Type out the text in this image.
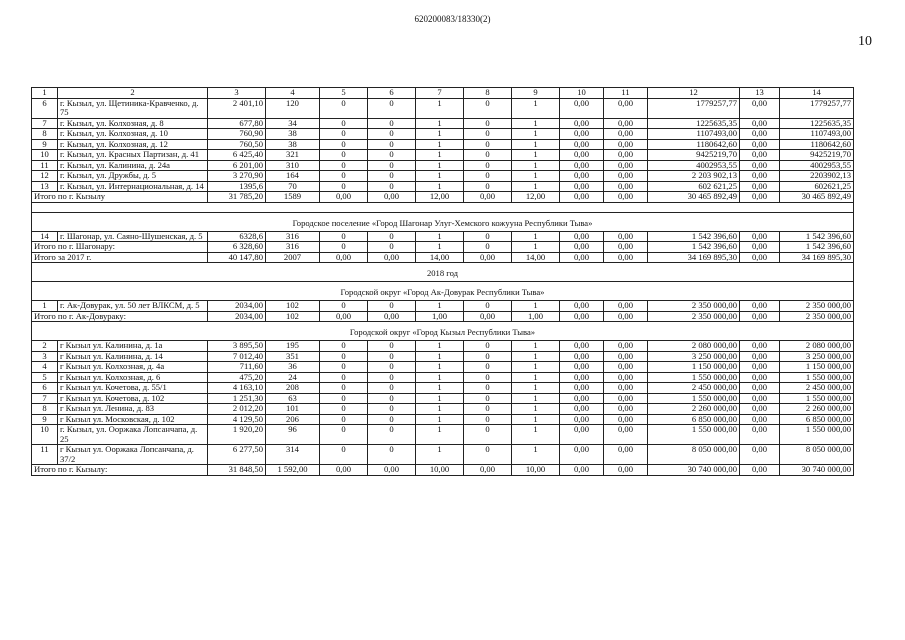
620200083/18330(2)
10
1	2	3	4	5	6	7	8	9	10	11	12	13	14
6	г. Кызыл, ул. Щетиника-Кравченко, д. 75	2 401,10	120	0	0	1	0	1	0,00	0,00	1779257,77	0,00	1779257,77
7	г. Кызыл, ул. Колхозная, д. 8	677,80	34	0	0	1	0	1	0,00	0,00	1225635,35	0,00	1225635,35
8	г. Кызыл, ул. Колхозная, д. 10	760,90	38	0	0	1	0	1	0,00	0,00	1107493,00	0,00	1107493,00
9	г. Кызыл, ул. Колхозная, д. 12	760,50	38	0	0	1	0	1	0,00	0,00	1180642,60	0,00	1180642,60
10	г. Кызыл, ул. Красных Партизан, д. 41	6 425,40	321	0	0	1	0	1	0,00	0,00	9425219,70	0,00	9425219,70
11	г. Кызыл, ул. Калинина, д. 24а	6 201,00	310	0	0	1	0	1	0,00	0,00	4002953,55	0,00	4002953,55
12	г. Кызыл, ул. Дружбы, д. 5	3 270,90	164	0	0	1	0	1	0,00	0,00	2 203 902,13	0,00	2203902,13
13	г. Кызыл, ул. Интернациональная, д. 14	1395,6	70	0	0	1	0	1	0,00	0,00	602 621,25	0,00	602621,25
Итого по г. Кызылу		31 785,20	1589	0,00	0,00	12,00	0,00	12,00	0,00	0,00	30 465 892,49	0,00	30 465 892,49

Городское поселение «Город Шагонар Улуг-Хемского кожууна Республики Тыва»													
14	г. Шагонар, ул. Саяно-Шушенская, д. 5	6328,6	316	0	0	1	0	1	0,00	0,00	1 542 396,60	0,00	1 542 396,60
Итого по г. Шагонару:		6 328,60	316	0	0	1	0	1	0,00	0,00	1 542 396,60	0,00	1 542 396,60
Итого за 2017 г.		40 147,80	2007	0,00	0,00	14,00	0,00	14,00	0,00	0,00	34 169 895,30	0,00	34 169 895,30
2018 год													
Городской округ «Город Ак-Довурак Республики Тыва»													
1	г. Ак-Довурак, ул. 50 лет ВЛКСМ, д. 5	2034,00	102	0	0	1	0	1	0,00	0,00	2 350 000,00	0,00	2 350 000,00
Итого по г. Ак-Довураку:		2034,00	102	0,00	0,00	1,00	0,00	1,00	0,00	0,00	2 350 000,00	0,00	2 350 000,00
Городской округ «Город Кызыл Республики Тыва»													
2	г Кызыл ул. Калинина, д. 1а	3 895,50	195	0	0	1	0	1	0,00	0,00	2 080 000,00	0,00	2 080 000,00
3	г Кызыл ул. Калинина, д. 14	7 012,40	351	0	0	1	0	1	0,00	0,00	3 250 000,00	0,00	3 250 000,00
4	г Кызыл ул. Колхозная, д. 4а	711,60	36	0	0	1	0	1	0,00	0,00	1 150 000,00	0,00	1 150 000,00
5	г Кызыл ул. Колхозная, д. 6	475,20	24	0	0	1	0	1	0,00	0,00	1 550 000,00	0,00	1 550 000,00
6	г Кызыл ул. Кочетова, д. 55/1	4 163,10	208	0	0	1	0	1	0,00	0,00	2 450 000,00	0,00	2 450 000,00
7	г Кызыл ул. Кочетова, д. 102	1 251,30	63	0	0	1	0	1	0,00	0,00	1 550 000,00	0,00	1 550 000,00
8	г Кызыл ул. Ленина, д. 83	2 012,20	101	0	0	1	0	1	0,00	0,00	2 260 000,00	0,00	2 260 000,00
9	г Кызыл ул. Московская, д. 102	4 129,50	206	0	0	1	0	1	0,00	0,00	6 850 000,00	0,00	6 850 000,00
10	г. Кызыл, ул. Ооржака Лопсанчапа, д. 25	1 920,20	96	0	0	1	0	1	0,00	0,00	1 550 000,00	0,00	1 550 000,00
11	г Кызыл ул. Ооржака Лопсанчапа, д. 37/2	6 277,50	314	0	0	1	0	1	0,00	0,00	8 050 000,00	0,00	8 050 000,00
Итого по г. Кызылу:		31 848,50	1 592,00	0,00	0,00	10,00	0,00	10,00	0,00	0,00	30 740 000,00	0,00	30 740 000,00
